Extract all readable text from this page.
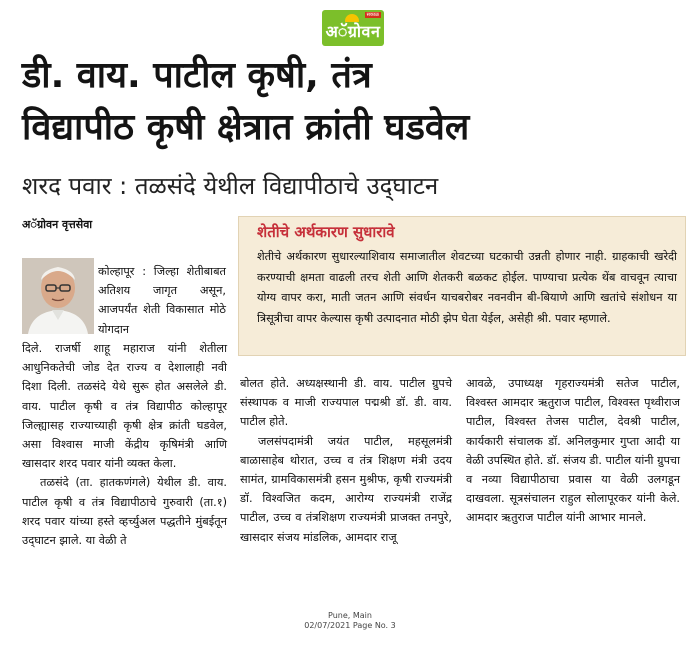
सकाळ
अॅग्रोवन
डी. वाय. पाटील कृषी, तंत्र
विद्यापीठ कृषी क्षेत्रात क्रांती घडवेल
शरद पवार : तळसंदे येथील विद्यापीठाचे उद्‍घाटन
अॅग्रोवन वृत्तसेवा	शेतीचे अर्थकारण सुधारावे
शेतीचे अर्थकारण सुधारल्याशिवाय समाजातील शेवटच्या घटकाची उन्नती होणार नाही. ग्राहकाची खरेदी करण्याची क्षमता वाढली तरच शेती आणि शेतकरी बळकट होईल. पाण्याचा प्रत्येक थेंब वाचवून त्याचा योग्य वापर करा, माती जतन आणि संवर्धन याचबरोबर नवनवीन बी-बियाणे आणि खतांचे संशोधन या त्रिसूत्रीचा वापर केल्यास कृषी उत्पादनात मोठी झेप घेता येईल, असेही श्री. पवार म्हणाले.
कोल्हापूर : जिल्हा शेतीबाबत अतिशय जागृत असून, आजपर्यंत शेती विकासात मोठे योगदान

दिले. राजर्षी शाहू महाराज यांनी शेतीला आधुनिकतेची जोड देत राज्य व देशालाही नवी दिशा दिली. तळसंदे येथे सुरू होत असलेले डी. वाय. पाटील कृषी व तंत्र विद्यापीठ कोल्हापूर जिल्ह्यासह राज्याच्याही कृषी क्षेत्र क्रांती घडवेल, असा विश्वास माजी केंद्रीय कृषिमंत्री आणि खासदार शरद पवार यांनी व्यक्त केला.

तळसंदे (ता. हातकणंगले) येथील डी. वाय. पाटील कृषी व तंत्र विद्यापीठाचे गुरुवारी (ता.१) शरद पवार यांच्या हस्ते व्हर्च्युअल पद्धतीने मुंबईतून उद्‍घाटन झाले. या वेळी ते

बोलत होते. अध्यक्षस्थानी डी. वाय. पाटील ग्रुपचे संस्थापक व माजी राज्यपाल पद्मश्री डॉ. डी. वाय. पाटील होते.

जलसंपदामंत्री जयंत पाटील, महसूलमंत्री बाळासाहेब थोरात, उच्च व तंत्र शिक्षण मंत्री उदय सामंत, ग्रामविकासमंत्री हसन मुश्रीफ, कृषी राज्यमंत्री डॉ. विश्वजित कदम, आरोग्य राज्यमंत्री राजेंद्र पाटील, उच्च व तंत्रशिक्षण राज्यमंत्री प्राजक्त तनपुरे, खासदार संजय मांडलिक, आमदार राजू

आवळे, उपाध्यक्ष गृहराज्यमंत्री सतेज पाटील, विश्वस्त आमदार ऋतुराज पाटील, विश्वस्त पृथ्वीराज पाटील, विश्वस्त तेजस पाटील, देवश्री पाटील, कार्यकारी संचालक डॉ. अनिलकुमार गुप्ता आदी या वेळी उपस्थित होते. डॉ. संजय डी. पाटील यांनी ग्रुपचा व नव्या विद्यापीठाचा प्रवास या वेळी उलगडून दाखवला. सूत्रसंचालन राहुल सोलापूरकर यांनी केले. आमदार ऋतुराज पाटील यांनी आभार मानले.

Pune, Main
02/07/2021 Page No. 3
